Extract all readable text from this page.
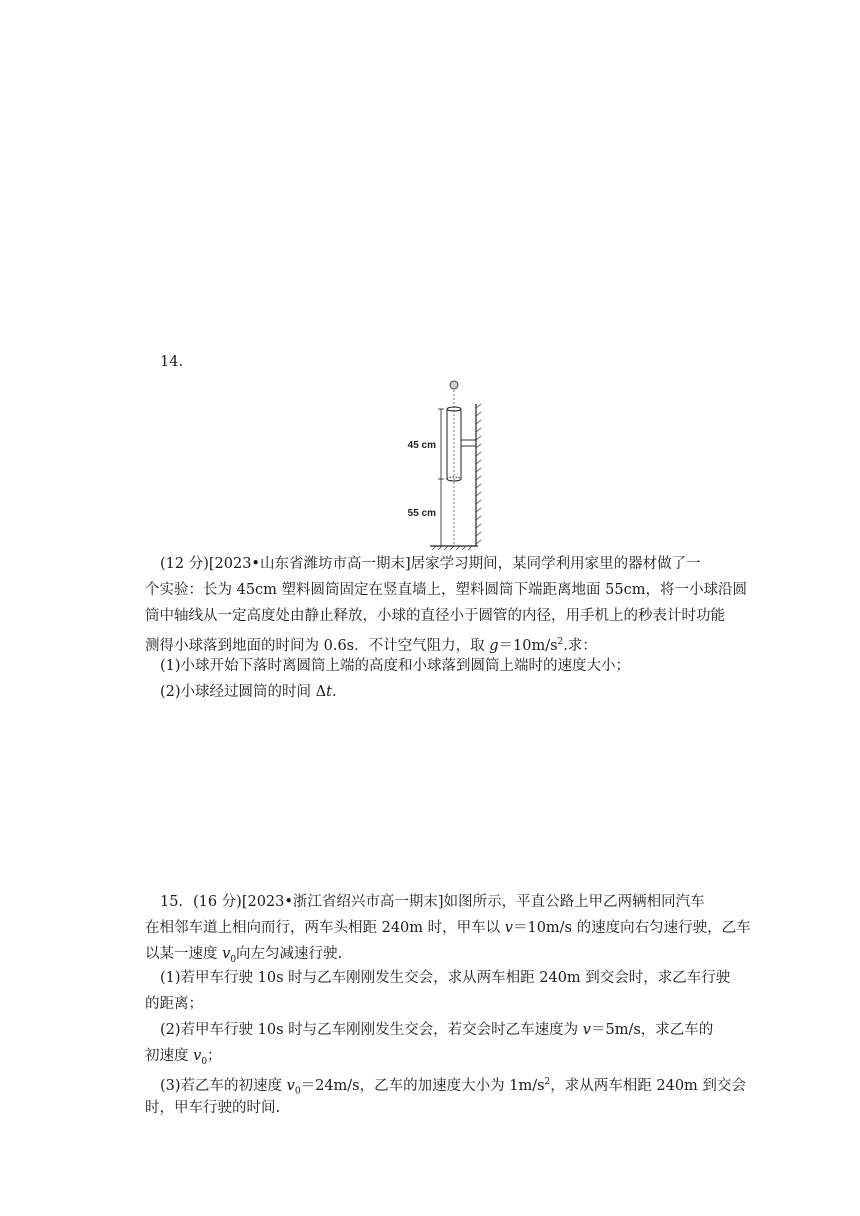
14.
45 cm
55 cm
(12 分)[2023•山东省潍坊市高一期末]居家学习期间，某同学利用家里的器材做了一
个实验：长为 45cm 塑料圆筒固定在竖直墙上，塑料圆筒下端距离地面 55cm，将一小球沿圆
筒中轴线从一定高度处由静止释放，小球的直径小于圆管的内径，用手机上的秒表计时功能
测得小球落到地面的时间为 0.6s．不计空气阻力，取 $g=10m/s^2$.求：
(1)小球开始下落时离圆筒上端的高度和小球落到圆筒上端时的速度大小；
(2)小球经过圆筒的时间 Δt.
15．(16 分)[2023•浙江省绍兴市高一期末]如图所示，平直公路上甲乙两辆相同汽车
在相邻车道上相向而行，两车头相距 240m 时，甲车以 v＝10m/s 的速度向右匀速行驶，乙车
以某一速度 $v_0$向左匀减速行驶.
(1)若甲车行驶 10s 时与乙车刚刚发生交会，求从两车相距 240m 到交会时，求乙车行驶
的距离；
(2)若甲车行驶 10s 时与乙车刚刚发生交会，若交会时乙车速度为 v＝5m/s，求乙车的
初速度 $v_0$；
(3)若乙车的初速度 $v_0=24m/s$，乙车的加速度大小为 $1m/s^2$，求从两车相距 240m 到交会
时，甲车行驶的时间.
